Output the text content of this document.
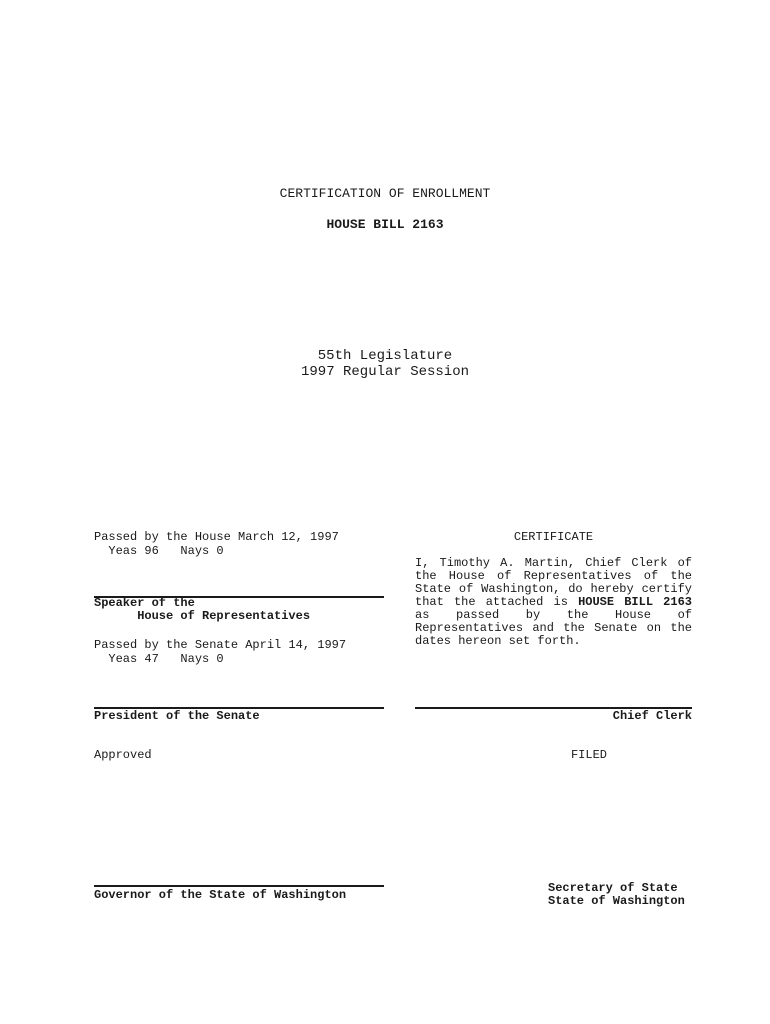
CERTIFICATION OF ENROLLMENT
HOUSE BILL 2163
55th Legislature
1997 Regular Session
Passed by the House March 12, 1997
Yeas 96   Nays 0
Speaker of the
House of Representatives
Passed by the Senate April 14, 1997
Yeas 47   Nays 0
President of the Senate
Approved
Governor of the State of Washington
CERTIFICATE
I, Timothy A. Martin, Chief Clerk of the House of Representatives of the State of Washington, do hereby certify that the attached is HOUSE BILL 2163 as passed by the House of Representatives and the Senate on the dates hereon set forth.
Chief Clerk
FILED
Secretary of State
State of Washington
